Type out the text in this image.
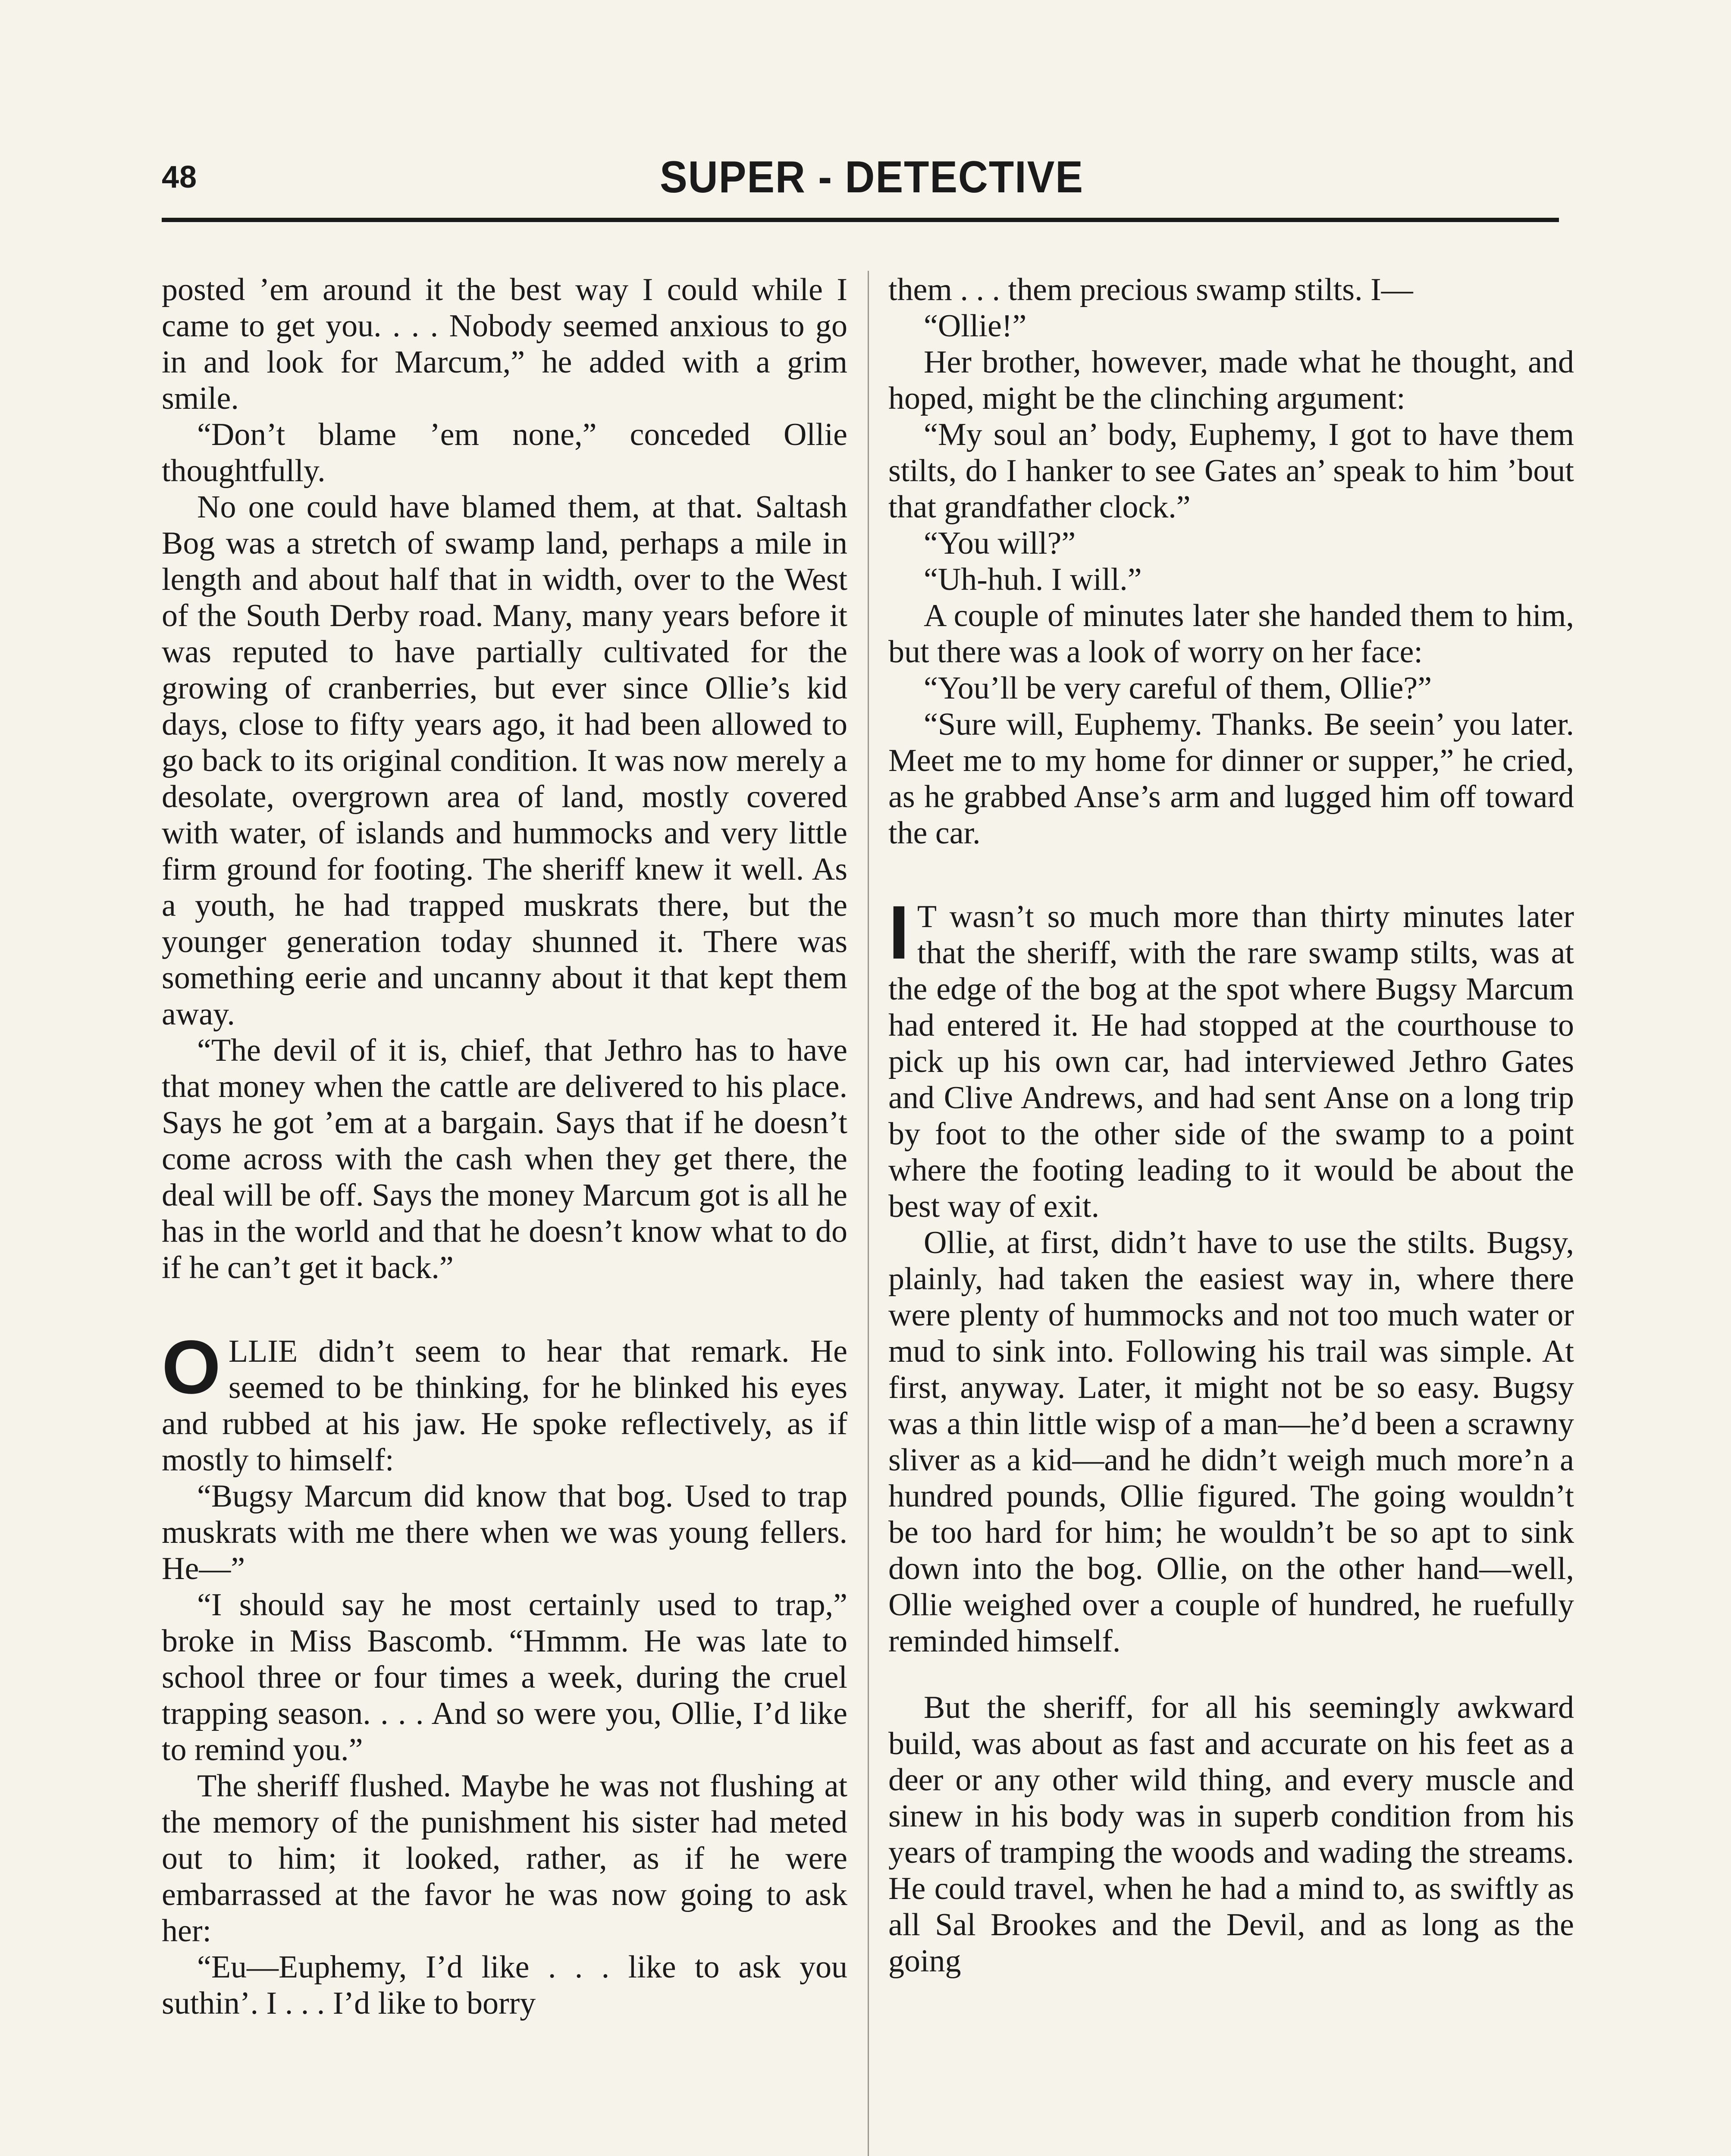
48	SUPER - DETECTIVE

posted ’em around it the best way I could while I came to get you. . . . Nobody seemed anxious to go in and look for Marcum,” he added with a grim smile.

“Don’t blame ’em none,” conceded Ollie thoughtfully.

No one could have blamed them, at that. Saltash Bog was a stretch of swamp land, perhaps a mile in length and about half that in width, over to the West of the South Derby road. Many, many years before it was reputed to have partially cultivated for the growing of cranberries, but ever since Ollie’s kid days, close to fifty years ago, it had been allowed to go back to its original condition. It was now merely a desolate, overgrown area of land, mostly covered with water, of islands and hummocks and very little firm ground for footing. The sheriff knew it well. As a youth, he had trapped muskrats there, but the younger generation today shunned it. There was something eerie and uncanny about it that kept them away.

“The devil of it is, chief, that Jethro has to have that money when the cattle are delivered to his place. Says he got ’em at a bargain. Says that if he doesn’t come across with the cash when they get there, the deal will be off. Says the money Marcum got is all he has in the world and that he doesn’t know what to do if he can’t get it back.”

OLLIE didn’t seem to hear that remark. He seemed to be thinking, for he blinked his eyes and rubbed at his jaw. He spoke reflectively, as if mostly to himself:

“Bugsy Marcum did know that bog. Used to trap muskrats with me there when we was young fellers. He—”

“I should say he most certainly used to trap,” broke in Miss Bascomb. “Hmmm. He was late to school three or four times a week, during the cruel trapping season. . . . And so were you, Ollie, I’d like to remind you.”

The sheriff flushed. Maybe he was not flushing at the memory of the punishment his sister had meted out to him; it looked, rather, as if he were embarrassed at the favor he was now going to ask her:

“Eu—Euphemy, I’d like . . . like to ask you suthin’. I . . . I’d like to borry

them . . . them precious swamp stilts. I—

“Ollie!”

Her brother, however, made what he thought, and hoped, might be the clinching argument:

“My soul an’ body, Euphemy, I got to have them stilts, do I hanker to see Gates an’ speak to him ’bout that grandfather clock.”

“You will?”

“Uh-huh. I will.”

A couple of minutes later she handed them to him, but there was a look of worry on her face:

“You’ll be very careful of them, Ollie?”

“Sure will, Euphemy. Thanks. Be seein’ you later. Meet me to my home for dinner or supper,” he cried, as he grabbed Anse’s arm and lugged him off toward the car.

I T wasn’t so much more than thirty minutes later that the sheriff, with the rare swamp stilts, was at the edge of the bog at the spot where Bugsy Marcum had entered it. He had stopped at the courthouse to pick up his own car, had interviewed Jethro Gates and Clive Andrews, and had sent Anse on a long trip by foot to the other side of the swamp to a point where the footing leading to it would be about the best way of exit.

Ollie, at first, didn’t have to use the stilts. Bugsy, plainly, had taken the easiest way in, where there were plenty of hummocks and not too much water or mud to sink into. Following his trail was simple. At first, anyway. Later, it might not be so easy. Bugsy was a thin little wisp of a man—he’d been a scrawny sliver as a kid—and he didn’t weigh much more’n a hundred pounds, Ollie figured. The going wouldn’t be too hard for him; he wouldn’t be so apt to sink down into the bog. Ollie, on the other hand—well, Ollie weighed over a couple of hundred, he ruefully reminded himself.

But the sheriff, for all his seemingly awkward build, was about as fast and accurate on his feet as a deer or any other wild thing, and every muscle and sinew in his body was in superb condition from his years of tramping the woods and wading the streams. He could travel, when he had a mind to, as swiftly as all Sal Brookes and the Devil, and as long as the going
